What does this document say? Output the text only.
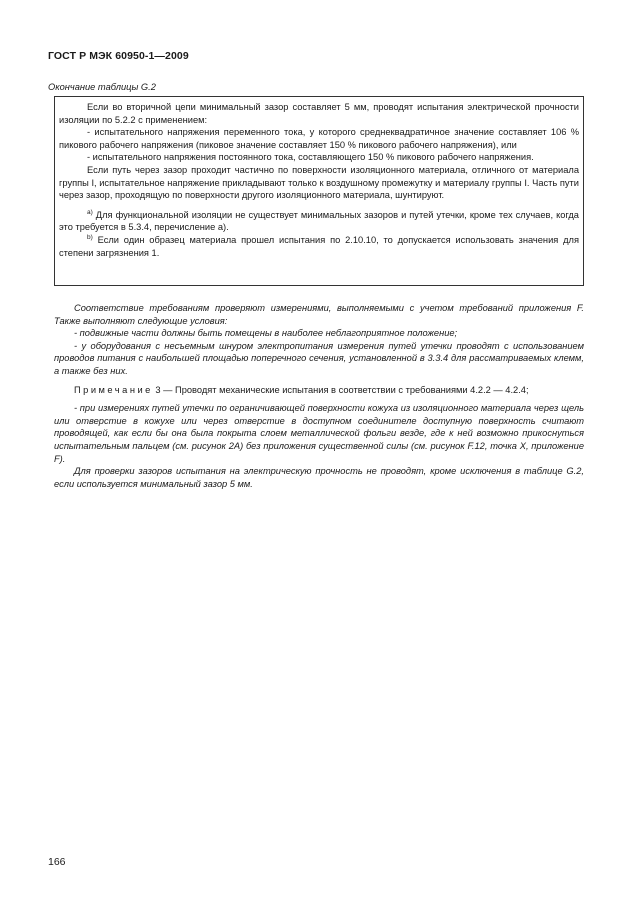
ГОСТ Р МЭК 60950-1—2009
Окончание таблицы G.2

Если во вторичной цепи минимальный зазор составляет 5 мм, проводят испытания электрической прочности изоляции по 5.2.2 с применением:

- испытательного напряжения переменного тока, у которого среднеквадратичное значение составляет 106 % пикового рабочего напряжения (пиковое значение составляет 150 % пикового рабочего напряжения), или

- испытательного напряжения постоянного тока, составляющего 150 % пикового рабочего напряжения.

Если путь через зазор проходит частично по поверхности изоляционного материала, отличного от материала группы I, испытательное напряжение прикладывают только к воздушному промежутку и материалу группы I. Часть пути через зазор, проходящую по поверхности другого изоляционного материала, шунтируют.

$^{a)}$ Для функциональной изоляции не существует минимальных зазоров и путей утечки, кроме тех случаев, когда это требуется в 5.3.4, перечисление а).

$^{b)}$ Если один образец материала прошел испытания по 2.10.10, то допускается использовать значения для степени загрязнения 1.

Соответствие требованиям проверяют измерениями, выполняемыми с учетом требований приложения F. Также выполняют следующие условия:

- подвижные части должны быть помещены в наиболее неблагоприятное положение;

- у оборудования с несъемным шнуром электропитания измерения путей утечки проводят с использованием проводов питания с наибольшей площадью поперечного сечения, установленной в 3.3.4 для рассматриваемых клемм, а также без них.

Примечание 3 — Проводят механические испытания в соответствии с требованиями 4.2.2 — 4.2.4;

- при измерениях путей утечки по ограничивающей поверхности кожуха из изоляционного материала через щель или отверстие в кожухе или через отверстие в доступном соединителе доступную поверхность считают проводящей, как если бы она была покрыта слоем металлической фольги везде, где к ней возможно прикоснуться испытательным пальцем (см. рисунок 2А) без приложения существенной силы (см. рисунок F.12, точка X, приложение F).

Для проверки зазоров испытания на электрическую прочность не проводят, кроме исключения в таблице G.2, если используется минимальный зазор 5 мм.

166
